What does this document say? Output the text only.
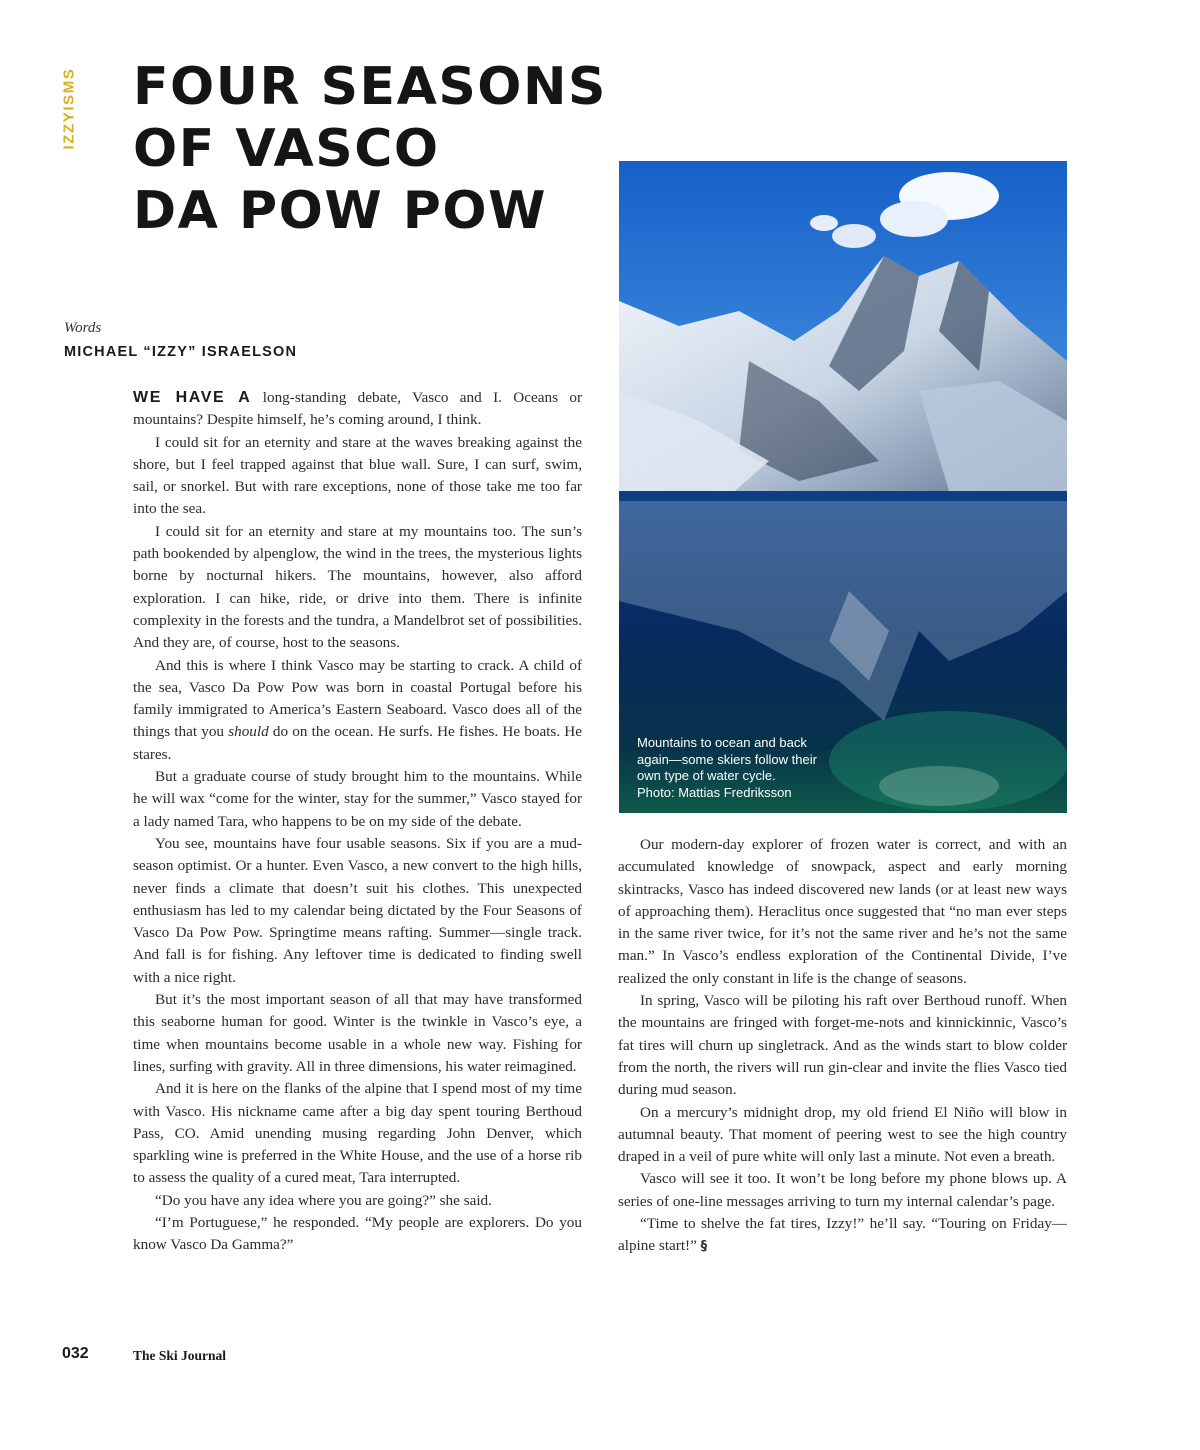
IZZYISMS FOUR SEASONS
OF VASCO
DA POW POW
Words
MICHAEL “IZZY” ISRAELSON

WE HAVE A long-standing debate, Vasco and I. Oceans or mountains? Despite himself, he’s coming around, I think.

I could sit for an eternity and stare at the waves breaking against the shore, but I feel trapped against that blue wall. Sure, I can surf, swim, sail, or snorkel. But with rare exceptions, none of those take me too far into the sea.

I could sit for an eternity and stare at my mountains too. The sun’s path bookended by alpenglow, the wind in the trees, the mysterious lights borne by nocturnal hikers. The mountains, however, also afford exploration. I can hike, ride, or drive into them. There is infinite complexity in the forests and the tundra, a Mandelbrot set of possibilities. And they are, of course, host to the seasons.

And this is where I think Vasco may be starting to crack. A child of the sea, Vasco Da Pow Pow was born in coastal Portugal before his family immigrated to America’s Eastern Seaboard. Vasco does all of the things that you should do on the ocean. He surfs. He fishes. He boats. He stares.

But a graduate course of study brought him to the mountains. While he will wax “come for the winter, stay for the summer,” Vasco stayed for a lady named Tara, who happens to be on my side of the debate.

You see, mountains have four usable seasons. Six if you are a mud-season optimist. Or a hunter. Even Vasco, a new convert to the high hills, never finds a climate that doesn’t suit his clothes. This unexpected enthusiasm has led to my calendar being dictated by the Four Seasons of Vasco Da Pow Pow. Springtime means rafting. Summer—single track. And fall is for fishing. Any leftover time is dedicated to finding swell with a nice right.

But it’s the most important season of all that may have transformed this seaborne human for good. Winter is the twinkle in Vasco’s eye, a time when mountains become usable in a whole new way. Fishing for lines, surfing with gravity. All in three dimensions, his water reimagined.

And it is here on the flanks of the alpine that I spend most of my time with Vasco. His nickname came after a big day spent touring Berthoud Pass, CO. Amid unending musing regarding John Denver, which sparkling wine is preferred in the White House, and the use of a horse rib to assess the quality of a cured meat, Tara interrupted.

“Do you have any idea where you are going?” she said.

“I’m Portuguese,” he responded. “My people are explorers. Do you know Vasco Da Gamma?”

Mountains to ocean and back
again—some skiers follow their
own type of water cycle.
Photo: Mattias Fredriksson

Our modern-day explorer of frozen water is correct, and with an accumulated knowledge of snowpack, aspect and early morning skintracks, Vasco has indeed discovered new lands (or at least new ways of approaching them). Heraclitus once suggested that “no man ever steps in the same river twice, for it’s not the same river and he’s not the same man.” In Vasco’s endless exploration of the Continental Divide, I’ve realized the only constant in life is the change of seasons.

In spring, Vasco will be piloting his raft over Berthoud runoff. When the mountains are fringed with forget-me-nots and kinnickinnic, Vasco’s fat tires will churn up singletrack. And as the winds start to blow colder from the north, the rivers will run gin-clear and invite the flies Vasco tied during mud season.

On a mercury’s midnight drop, my old friend El Niño will blow in autumnal beauty. That moment of peering west to see the high country draped in a veil of pure white will only last a minute. Not even a breath.

Vasco will see it too. It won’t be long before my phone blows up. A series of one-line messages arriving to turn my internal calendar’s page.

“Time to shelve the fat tires, Izzy!” he’ll say. “Touring on Friday—alpine start!” §

032	The Ski Journal
